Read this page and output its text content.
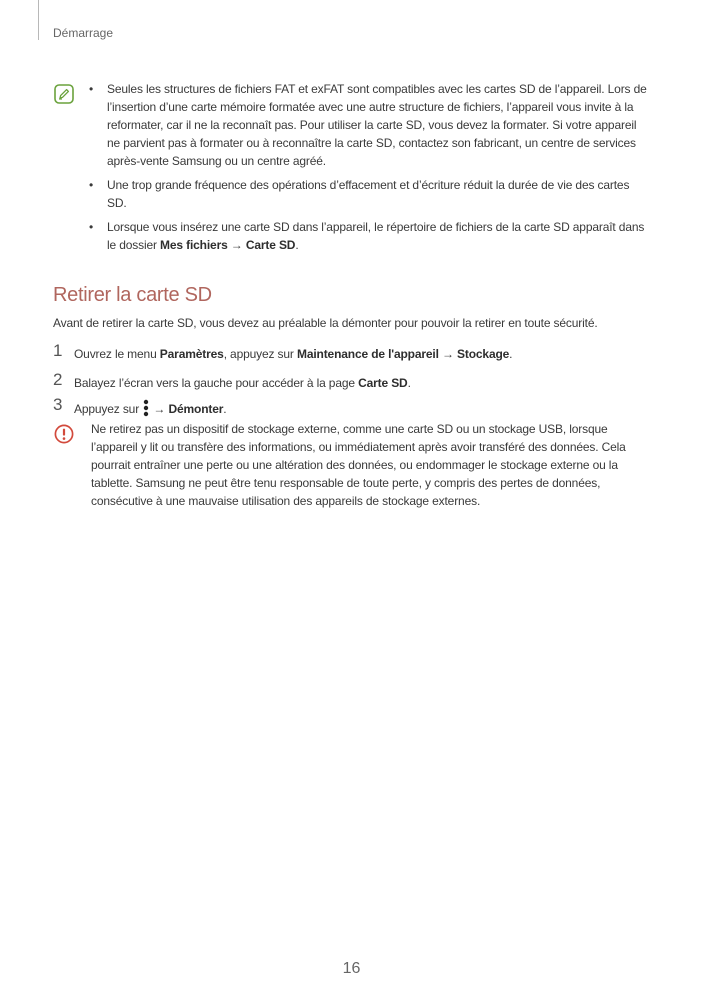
Démarrage
• Seules les structures de fichiers FAT et exFAT sont compatibles avec les cartes SD de l’appareil. Lors de l’insertion d’une carte mémoire formatée avec une autre structure de fichiers, l’appareil vous invite à la reformater, car il ne la reconnaît pas. Pour utiliser la carte SD, vous devez la formater. Si votre appareil ne parvient pas à formater ou à reconnaître la carte SD, contactez son fabricant, un centre de services après-vente Samsung ou un centre agréé.
• Une trop grande fréquence des opérations d’effacement et d’écriture réduit la durée de vie des cartes SD.
• Lorsque vous insérez une carte SD dans l’appareil, le répertoire de fichiers de la carte SD apparaît dans le dossier Mes fichiers → Carte SD.
Retirer la carte SD

Avant de retirer la carte SD, vous devez au préalable la démonter pour pouvoir la retirer en toute sécurité.

1 Ouvrez le menu Paramètres, appuyez sur Maintenance de l'appareil → Stockage.
2 Balayez l’écran vers la gauche pour accéder à la page Carte SD.
3 Appuyez sur  → Démonter.

Ne retirez pas un dispositif de stockage externe, comme une carte SD ou un stockage USB, lorsque l’appareil y lit ou transfère des informations, ou immédiatement après avoir transféré des données. Cela pourrait entraîner une perte ou une altération des données, ou endommager le stockage externe ou la tablette. Samsung ne peut être tenu responsable de toute perte, y compris des pertes de données, consécutive à une mauvaise utilisation des appareils de stockage externes.

16
